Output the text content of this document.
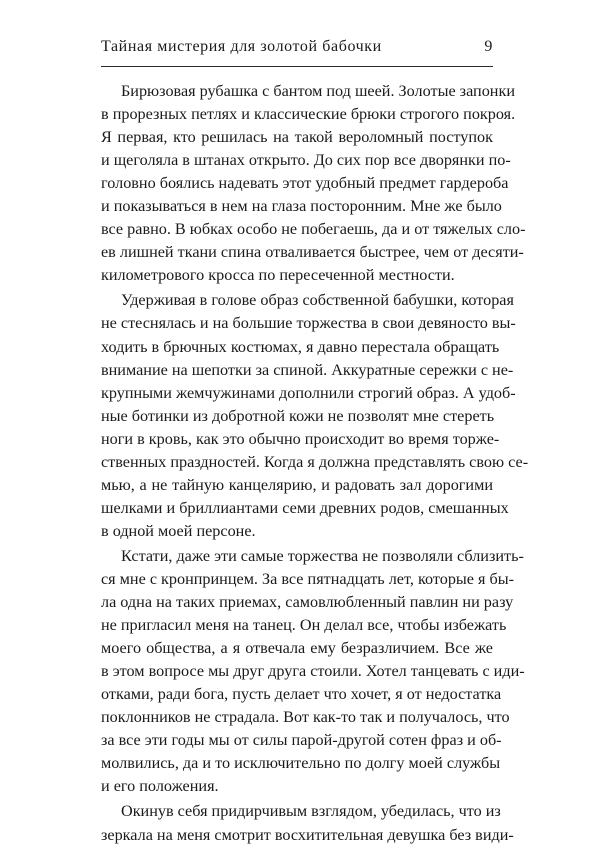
Тайная мистерия для золотой бабочки	9
Бирюзовая рубашка с бантом под шеей. Золотые запонки
в прорезных петлях и классические брюки строгого покроя.
Я первая, кто решилась на такой вероломный поступок
и щеголяла в штанах открыто. До сих пор все дворянки по-
головно боялись надевать этот удобный предмет гардероба
и показываться в нем на глаза посторонним. Мне же было
все равно. В юбках особо не побегаешь, да и от тяжелых сло-
ев лишней ткани спина отваливается быстрее, чем от десяти-
километрового кросса по пересеченной местности.
Удерживая в голове образ собственной бабушки, которая
не стеснялась и на большие торжества в свои девяносто вы-
ходить в брючных костюмах, я давно перестала обращать
внимание на шепотки за спиной. Аккуратные сережки с не-
крупными жемчужинами дополнили строгий образ. А удоб-
ные ботинки из добротной кожи не позволят мне стереть
ноги в кровь, как это обычно происходит во время торже-
ственных праздностей. Когда я должна представлять свою се-
мью, а не тайную канцелярию, и радовать зал дорогими
шелками и бриллиантами семи древних родов, смешанных
в одной моей персоне.
Кстати, даже эти самые торжества не позволяли сблизить-
ся мне с кронпринцем. За все пятнадцать лет, которые я бы-
ла одна на таких приемах, самовлюбленный павлин ни разу
не пригласил меня на танец. Он делал все, чтобы избежать
моего общества, а я отвечала ему безразличием. Все же
в этом вопросе мы друг друга стоили. Хотел танцевать с иди-
отками, ради бога, пусть делает что хочет, я от недостатка
поклонников не страдала. Вот как-то так и получалось, что
за все эти годы мы от силы парой-другой сотен фраз и об-
молвились, да и то исключительно по долгу моей службы
и его положения.
Окинув себя придирчивым взглядом, убедилась, что из
зеркала на меня смотрит восхитительная девушка без види-
